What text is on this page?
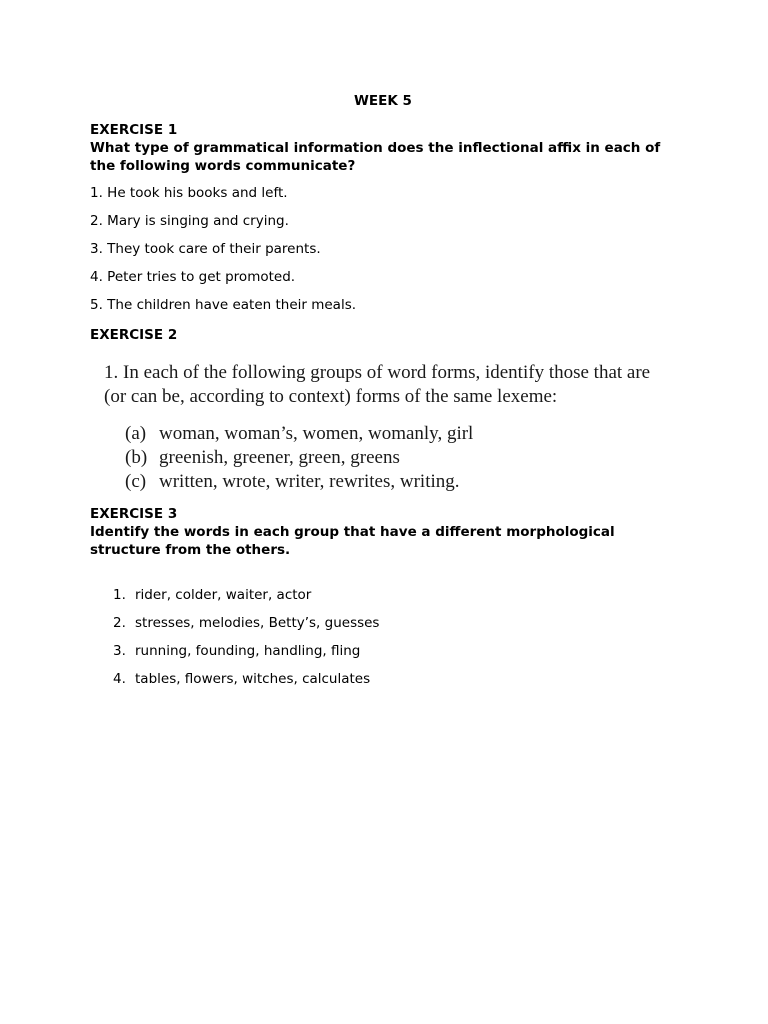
WEEK 5
EXERCISE 1
What type of grammatical information does the inflectional affix in each of
the following words communicate?
1. He took his books and left.
2. Mary is singing and crying.
3. They took care of their parents.
4. Peter tries to get promoted.
5. The children have eaten their meals.
EXERCISE 2
1. In each of the following groups of word forms, identify those that are
(or can be, according to context) forms of the same lexeme:
(a) woman, woman’s, women, womanly, girl
(b) greenish, greener, green, greens
(c) written, wrote, writer, rewrites, writing.
EXERCISE 3
Identify the words in each group that have a different morphological
structure from the others.
1. rider, colder, waiter, actor
2. stresses, melodies, Betty’s, guesses
3. running, founding, handling, fling
4. tables, flowers, witches, calculates
